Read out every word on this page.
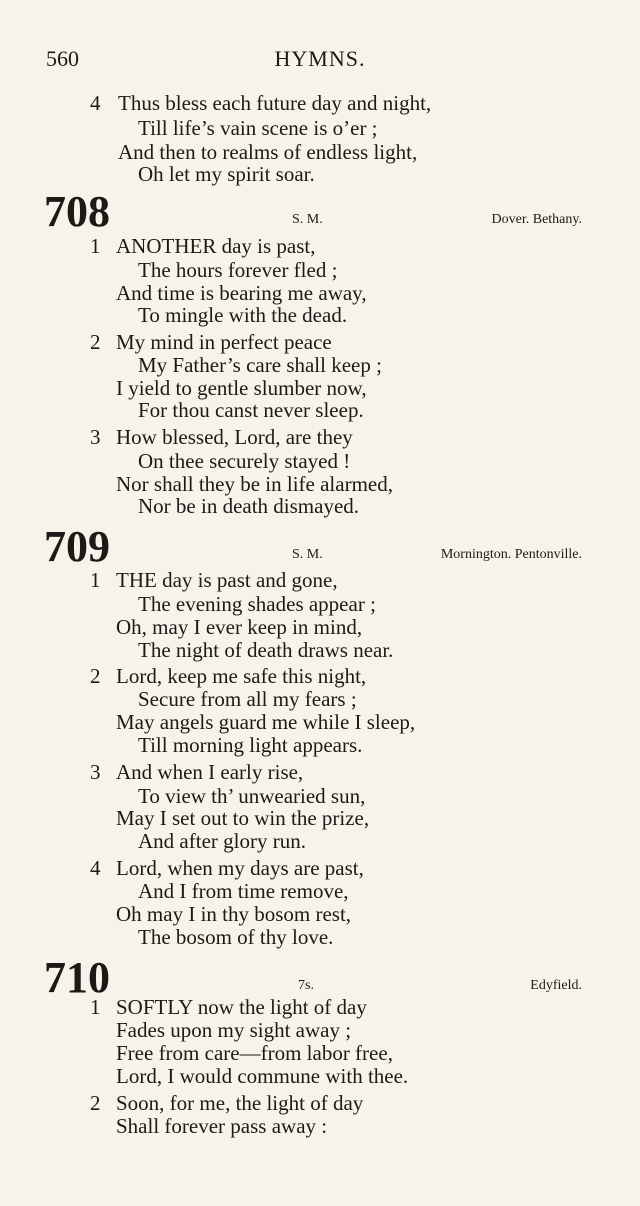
560	HYMNS.
4 Thus bless each future day and night,
Till life’s vain scene is o’er ;
And then to realms of endless light,
Oh let my spirit soar.
708	S. M.	Dover. Bethany.
1 ANOTHER day is past,
The hours forever fled ;
And time is bearing me away,
To mingle with the dead.
2 My mind in perfect peace
My Father’s care shall keep ;
I yield to gentle slumber now,
For thou canst never sleep.
3 How blessed, Lord, are they
On thee securely stayed !
Nor shall they be in life alarmed,
Nor be in death dismayed.
709	S. M.	Mornington. Pentonville.
1 THE day is past and gone,
The evening shades appear ;
Oh, may I ever keep in mind,
The night of death draws near.
2 Lord, keep me safe this night,
Secure from all my fears ;
May angels guard me while I sleep,
Till morning light appears.
3 And when I early rise,
To view th’ unwearied sun,
May I set out to win the prize,
And after glory run.
4 Lord, when my days are past,
And I from time remove,
Oh may I in thy bosom rest,
The bosom of thy love.
710	7s.	Edyfield.
1 SOFTLY now the light of day
Fades upon my sight away ;
Free from care—from labor free,
Lord, I would commune with thee.
2 Soon, for me, the light of day
Shall forever pass away :
